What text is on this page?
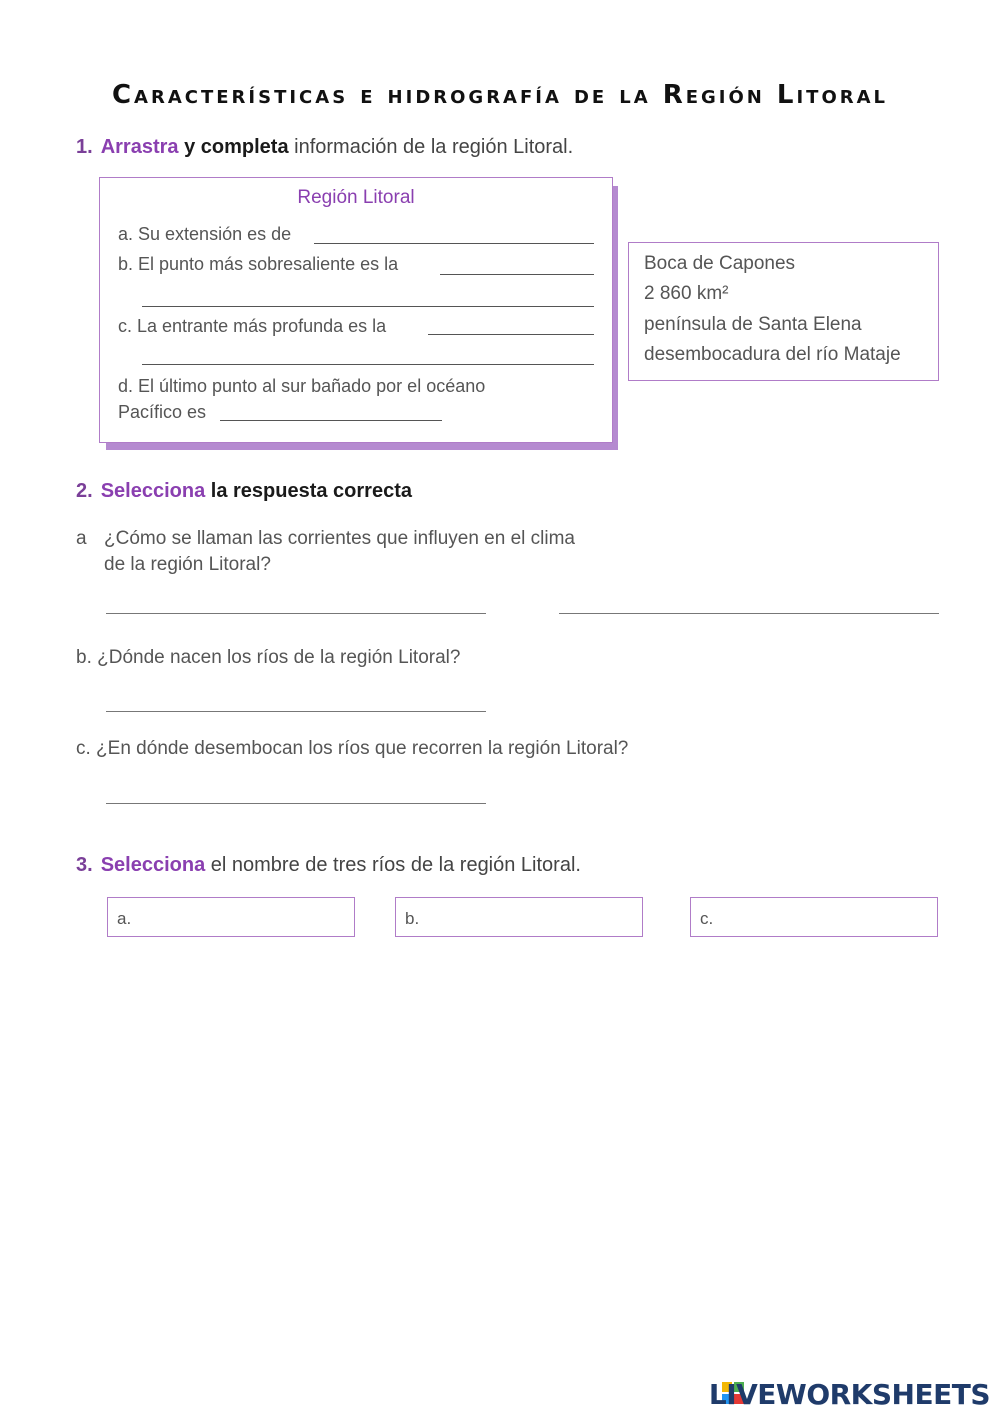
Características e hidrografía de la Región Litoral
1. Arrastra y completa información de la región Litoral.
Región Litoral
a. Su extensión es de
b. El punto más sobresaliente es la
c. La entrante más profunda es la
d. El último punto al sur bañado por el océano
Pacífico es
Boca de Capones
2 860 km²
península de Santa Elena
desembocadura del río Mataje
2. Selecciona la respuesta correcta
a ¿Cómo se llaman las corrientes que influyen en el clima
de la región Litoral?
b. ¿Dónde nacen los ríos de la región Litoral?
c. ¿En dónde desembocan los ríos que recorren la región Litoral?
3. Selecciona el nombre de tres ríos de la región Litoral.
a.	b.	c.
LIVEWORKSHEETS
